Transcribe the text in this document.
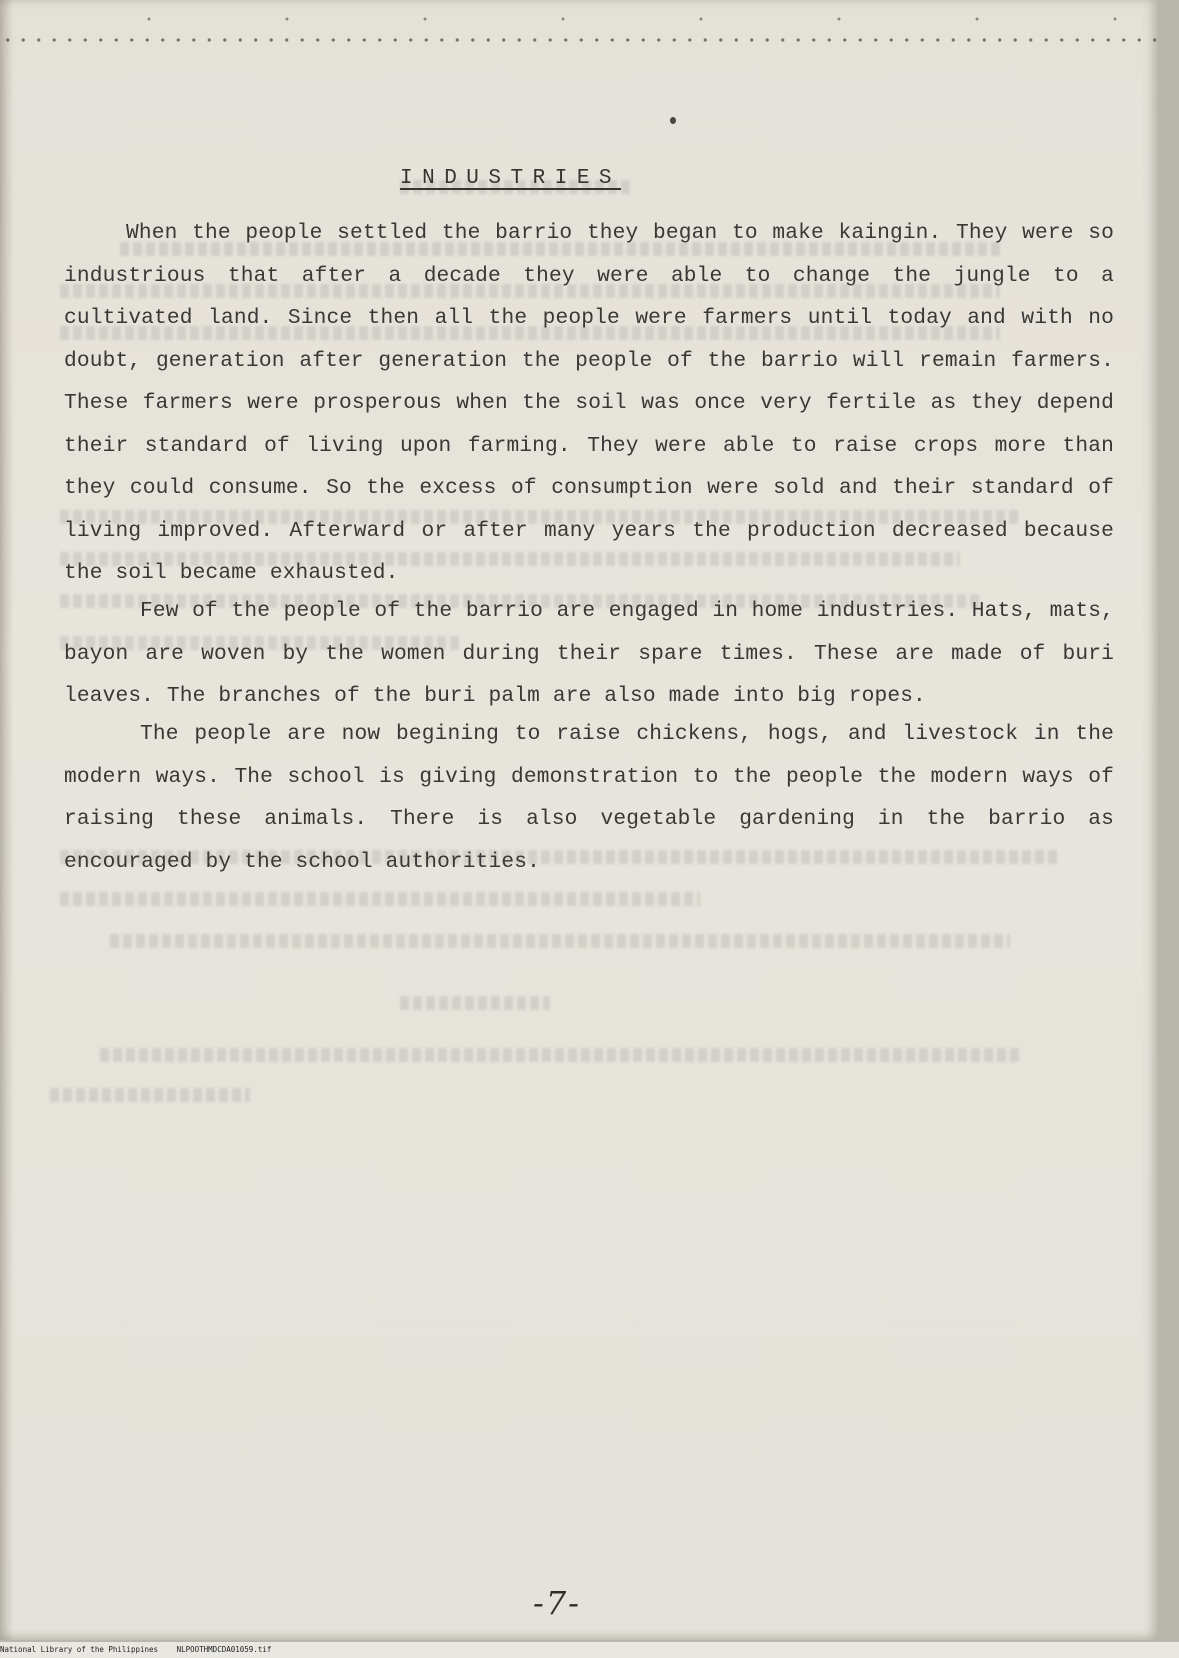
INDUSTRIES

When the people settled the barrio they began to make kaingin. They were so industrious that after a decade they were able to change the jungle to a cultivated land. Since then all the people were farmers until today and with no doubt, generation after generation the people of the barrio will remain farmers. These farmers were prosperous when the soil was once very fertile as they depend their standard of living upon farming. They were able to raise crops more than they could consume. So the excess of consumption were sold and their standard of living improved. Afterward or after many years the production decreased because the soil became exhausted.

Few of the people of the barrio are engaged in home industries. Hats, mats, bayon are woven by the women during their spare times. These are made of buri leaves. The branches of the buri palm are also made into big ropes.

The people are now begining to raise chickens, hogs, and livestock in the modern ways. The school is giving demonstration to the people the modern ways of raising these animals. There is also vegetable gardening in the barrio as encouraged by the school authorities.

-7-
National Library of the Philippines NLPOOTHMDCDA01059.tif
